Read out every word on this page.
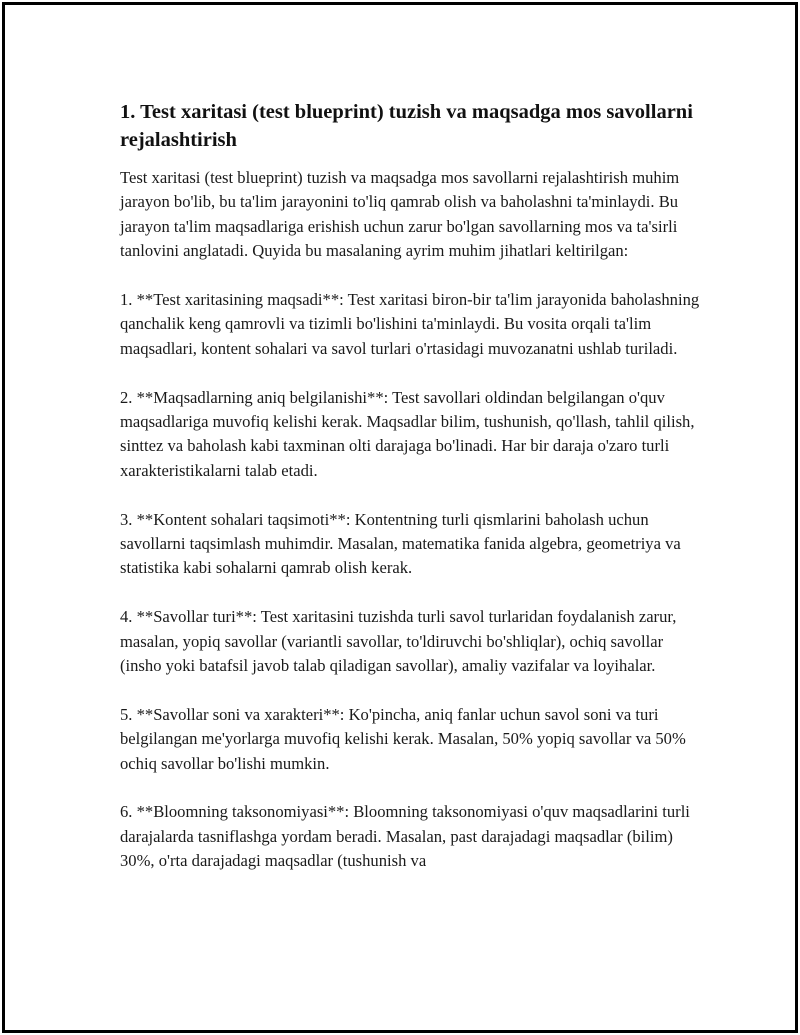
1. Test xaritasi (test blueprint) tuzish va maqsadga mos savollarni rejalashtirish

Test xaritasi (test blueprint) tuzish va maqsadga mos savollarni rejalashtirish muhim jarayon bo'lib, bu ta'lim jarayonini to'liq qamrab olish va baholashni ta'minlaydi. Bu jarayon ta'lim maqsadlariga erishish uchun zarur bo'lgan savollarning mos va ta'sirli tanlovini anglatadi. Quyida bu masalaning ayrim muhim jihatlari keltirilgan:

1. **Test xaritasining maqsadi**: Test xaritasi biron-bir ta'lim jarayonida baholashning qanchalik keng qamrovli va tizimli bo'lishini ta'minlaydi. Bu vosita orqali ta'lim maqsadlari, kontent sohalari va savol turlari o'rtasidagi muvozanatni ushlab turiladi.

2. **Maqsadlarning aniq belgilanishi**: Test savollari oldindan belgilangan o'quv maqsadlariga muvofiq kelishi kerak. Maqsadlar bilim, tushunish, qo'llash, tahlil qilish, sinttez va baholash kabi taxminan olti darajaga bo'linadi. Har bir daraja o'zaro turli xarakteristikalarni talab etadi.

3. **Kontent sohalari taqsimoti**: Kontentning turli qismlarini baholash uchun savollarni taqsimlash muhimdir. Masalan, matematika fanida algebra, geometriya va statistika kabi sohalarni qamrab olish kerak.

4. **Savollar turi**: Test xaritasini tuzishda turli savol turlaridan foydalanish zarur, masalan, yopiq savollar (variantli savollar, to'ldiruvchi bo'shliqlar), ochiq savollar (insho yoki batafsil javob talab qiladigan savollar), amaliy vazifalar va loyihalar.

5. **Savollar soni va xarakteri**: Ko'pincha, aniq fanlar uchun savol soni va turi belgilangan me'yorlarga muvofiq kelishi kerak. Masalan, 50% yopiq savollar va 50% ochiq savollar bo'lishi mumkin.

6. **Bloomning taksonomiyasi**: Bloomning taksonomiyasi o'quv maqsadlarini turli darajalarda tasniflashga yordam beradi. Masalan, past darajadagi maqsadlar (bilim) 30%, o'rta darajadagi maqsadlar (tushunish va
